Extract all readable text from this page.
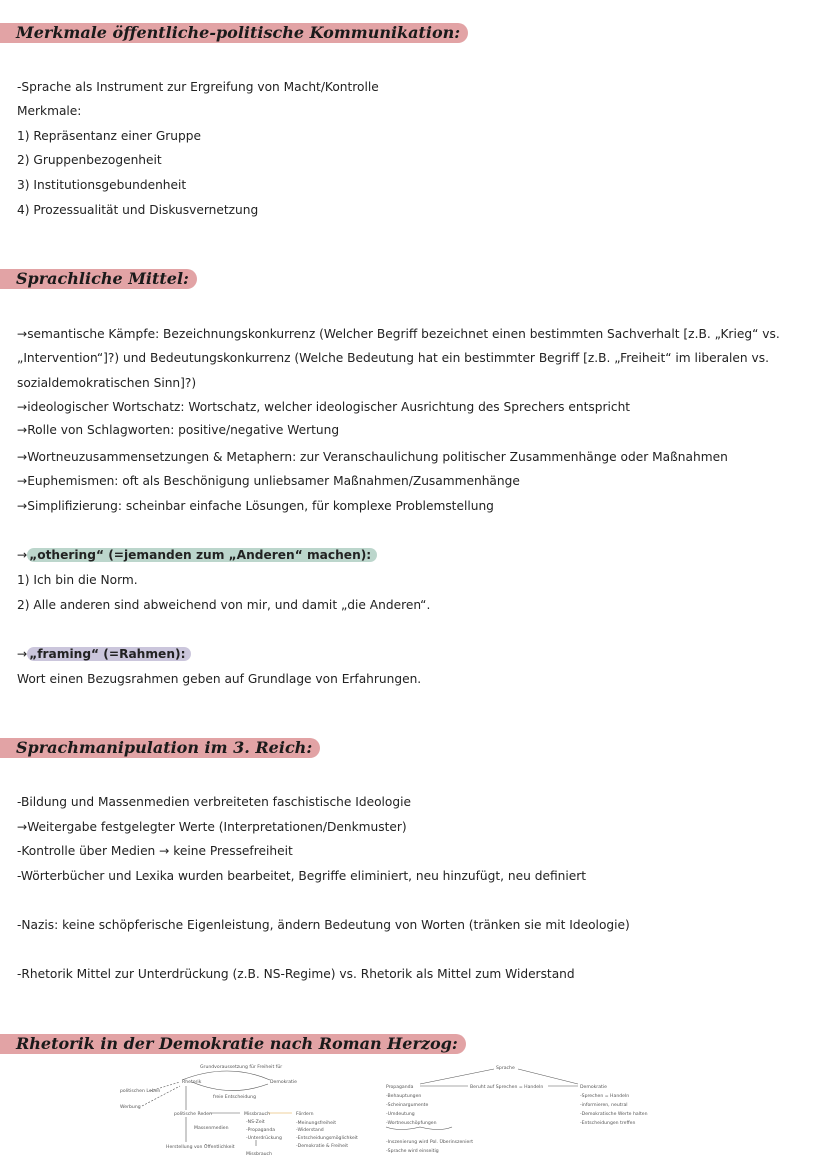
Merkmale öffentliche-politische Kommunikation:
-Sprache als Instrument zur Ergreifung von Macht/Kontrolle
Merkmale:
1) Repräsentanz einer Gruppe
2) Gruppenbezogenheit
3) Institutionsgebundenheit
4) Prozessualität und Diskusvernetzung
Sprachliche Mittel:
→semantische Kämpfe: Bezeichnungskonkurrenz (Welcher Begriff bezeichnet einen bestimmten Sachverhalt [z.B. „Krieg“ vs.
„Intervention“]?) und Bedeutungskonkurrenz (Welche Bedeutung hat ein bestimmter Begriff [z.B. „Freiheit“ im liberalen vs.
sozialdemokratischen Sinn]?)
→ideologischer Wortschatz: Wortschatz, welcher ideologischer Ausrichtung des Sprechers entspricht
→Rolle von Schlagworten: positive/negative Wertung
→Wortneuzusammensetzungen & Metaphern: zur Veranschaulichung politischer Zusammenhänge oder Maßnahmen
→Euphemismen: oft als Beschönigung unliebsamer Maßnahmen/Zusammenhänge
→Simplifizierung: scheinbar einfache Lösungen, für komplexe Problemstellung
→ „othering“ (=jemanden zum „Anderen“ machen):
1) Ich bin die Norm.
2) Alle anderen sind abweichend von mir, und damit „die Anderen“.
→ „framing“ (=Rahmen):
Wort einen Bezugsrahmen geben auf Grundlage von Erfahrungen.
Sprachmanipulation im 3. Reich:
-Bildung und Massenmedien verbreiteten faschistische Ideologie
→Weitergabe festgelegter Werte (Interpretationen/Denkmuster)
-Kontrolle über Medien → keine Pressefreiheit
-Wörterbücher und Lexika wurden bearbeitet, Begriffe eliminiert, neu hinzufügt, neu definiert
-Nazis: keine schöpferische Eigenleistung, ändern Bedeutung von Worten (tränken sie mit Ideologie)
-Rhetorik Mittel zur Unterdrückung (z.B. NS-Regime) vs. Rhetorik als Mittel zum Widerstand
Rhetorik in der Demokratie nach Roman Herzog:
Grundvoraussetzung für Freiheit für
Rhetorik	Demokratie
freie Entscheidung
politischen Leben
Werbung
politische Reden
Massenmedien
Herstellung von Öffentlichkeit
Missbrauch
-NS-Zeit
-Propaganda
-Unterdrückung
Missbrauch
Fördern
-Meinungsfreiheit
-Widerstand
-Entscheidungsmöglichkeit
-Demokratie & Freiheit
Sprache
Propaganda	Beruht auf Sprechen = Handeln	Demokratie
-Behauptungen
-Scheinargumente
-Umdeutung
-Wortneuschöpfungen
-Inszenierung wird Pol. Überinszeniert
-Sprache wird einseitig
-Sprechen = Handeln
-informieren, neutral
-Demokratische Werte halten
-Entscheidungen treffen
